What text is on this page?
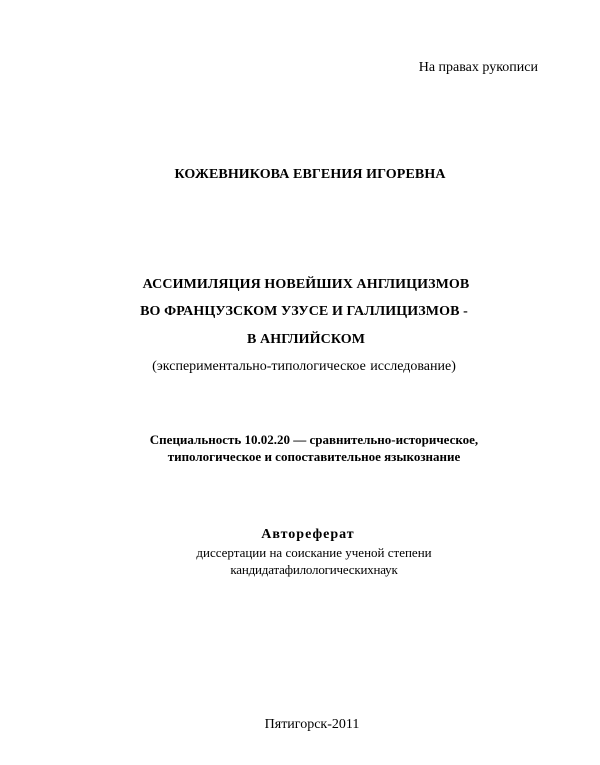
На правах рукописи
КОЖЕВНИКОВА ЕВГЕНИЯ ИГОРЕВНА
АССИМИЛЯЦИЯ НОВЕЙШИХ АНГЛИЦИЗМОВ
ВО ФРАНЦУЗСКОМ УЗУСЕ И ГАЛЛИЦИЗМОВ -
В АНГЛИЙСКОМ
(экспериментально-типологическое исследование)
Специальность 10.02.20 — сравнительно-историческое,
типологическое и сопоставительное языкознание
Автореферат
диссертации на соискание ученой степени
кандидатафилологическихнаук
Пятигорск-2011
